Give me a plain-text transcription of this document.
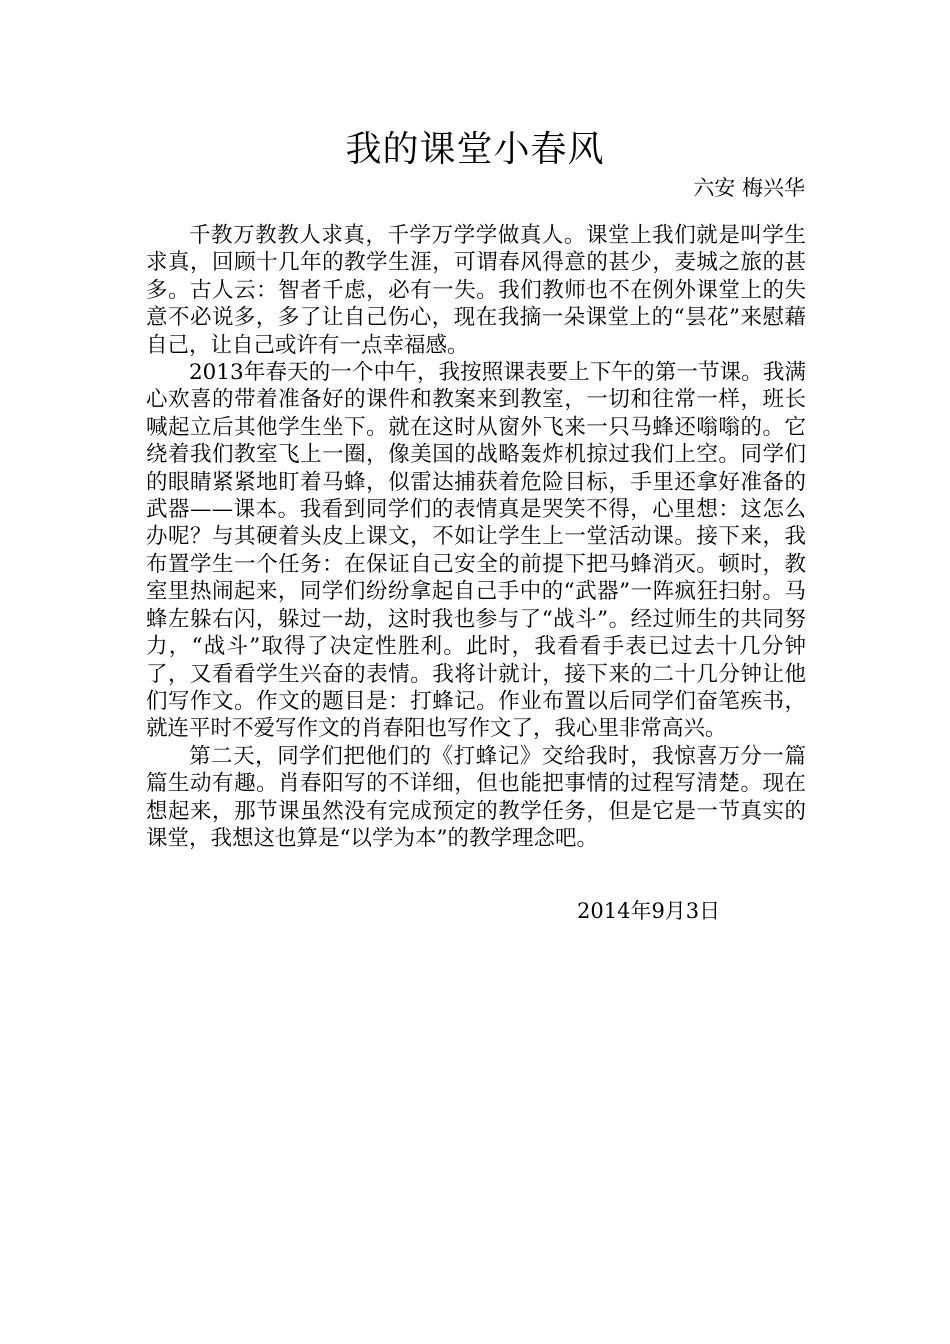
我的课堂小春风
六安 梅兴华

千教万教教人求真，千学万学学做真人。课堂上我们就是叫学生求真，回顾十几年的教学生涯，可谓春风得意的甚少，麦城之旅的甚多。古人云：智者千虑，必有一失。我们教师也不在例外课堂上的失意不必说多，多了让自己伤心，现在我摘一朵课堂上的“昙花”来慰藉自己，让自己或许有一点幸福感。

2013年春天的一个中午，我按照课表要上下午的第一节课。我满心欢喜的带着准备好的课件和教案来到教室，一切和往常一样，班长喊起立后其他学生坐下。就在这时从窗外飞来一只马蜂还嗡嗡的。它绕着我们教室飞上一圈，像美国的战略轰炸机掠过我们上空。同学们的眼睛紧紧地盯着马蜂，似雷达捕获着危险目标，手里还拿好准备的武器——课本。我看到同学们的表情真是哭笑不得，心里想：这怎么办呢？与其硬着头皮上课文，不如让学生上一堂活动课。接下来，我布置学生一个任务：在保证自己安全的前提下把马蜂消灭。顿时，教室里热闹起来，同学们纷纷拿起自己手中的“武器”一阵疯狂扫射。马蜂左躲右闪，躲过一劫，这时我也参与了“战斗”。经过师生的共同努力，“战斗”取得了决定性胜利。此时，我看看手表已过去十几分钟了，又看看学生兴奋的表情。我将计就计，接下来的二十几分钟让他们写作文。作文的题目是：打蜂记。作业布置以后同学们奋笔疾书，就连平时不爱写作文的肖春阳也写作文了，我心里非常高兴。

第二天，同学们把他们的《打蜂记》交给我时，我惊喜万分一篇篇生动有趣。肖春阳写的不详细，但也能把事情的过程写清楚。现在想起来，那节课虽然没有完成预定的教学任务，但是它是一节真实的课堂，我想这也算是“以学为本”的教学理念吧。

2014年9月3日
